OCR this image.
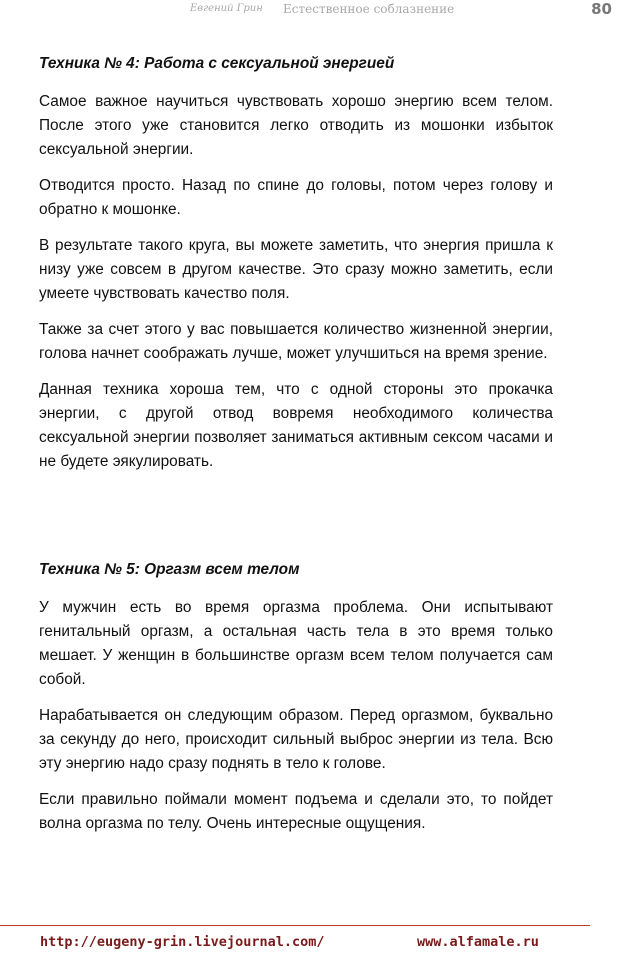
Евгений Грин Естественное соблазнение	80
Техника № 4: Работа с сексуальной энергией

Самое важное научиться чувствовать хорошо энергию всем телом. После этого уже становится легко отводить из мошонки избыток сексуальной энергии.

Отводится просто. Назад по спине до головы, потом через голову и обратно к мошонке.

В результате такого круга, вы можете заметить, что энергия пришла к низу уже совсем в другом качестве. Это сразу можно заметить, если умеете чувствовать качество поля.

Также за счет этого у вас повышается количество жизненной энергии, голова начнет соображать лучше, может улучшиться на время зрение.

Данная техника хороша тем, что с одной стороны это прокачка энергии, с другой отвод вовремя необходимого количества сексуальной энергии позволяет заниматься активным сексом часами и не будете эякулировать.

Техника № 5: Оргазм всем телом

У мужчин есть во время оргазма проблема. Они испытывают генитальный оргазм, а остальная часть тела в это время только мешает. У женщин в большинстве оргазм всем телом получается сам собой.

Нарабатывается он следующим образом. Перед оргазмом, буквально за секунду до него, происходит сильный выброс энергии из тела. Всю эту энергию надо сразу поднять в тело к голове.

Если правильно поймали момент подъема и сделали это, то пойдет волна оргазма по телу. Очень интересные ощущения.

http://eugeny-grin.livejournal.com/	www.alfamale.ru
